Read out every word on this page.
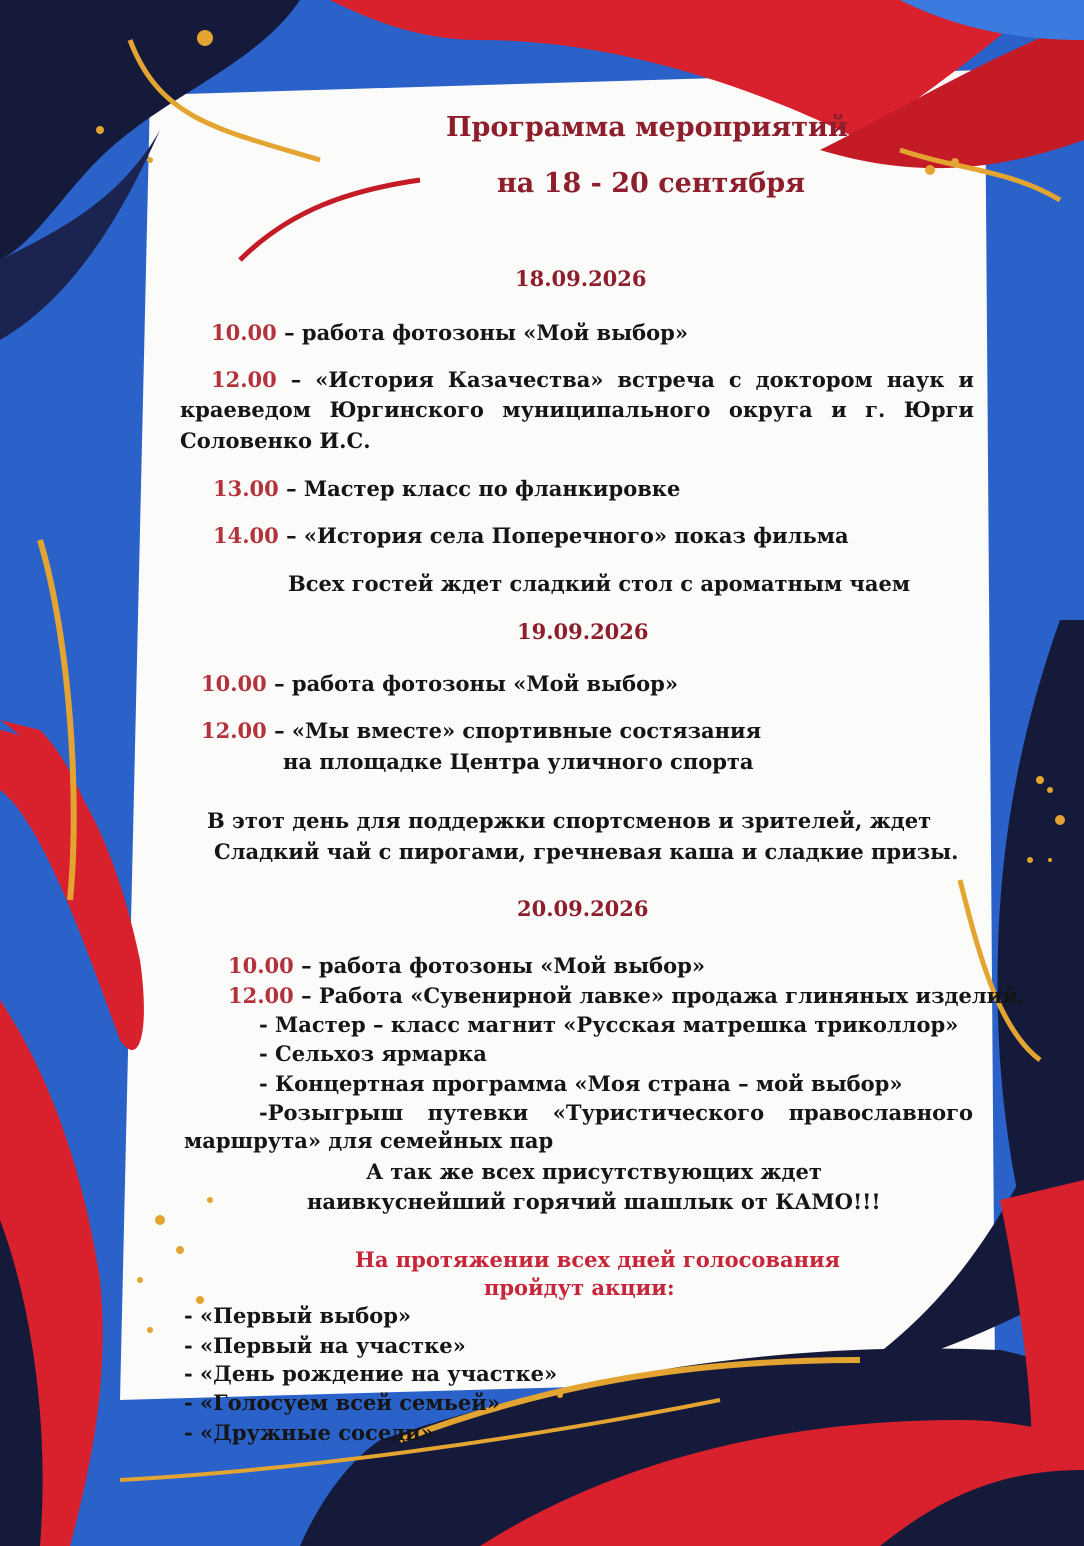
Программа мероприятий
на 18 - 20 сентября
18.09.2026
10.00 – работа фотозоны «Мой выбор»
12.00 – «История Казачества» встреча с доктором наук и
краеведом Юргинского муниципального округа и г. Юрги
Соловенко И.С.
13.00 – Мастер класс по фланкировке
14.00 – «История села Поперечного» показ фильма
Всех гостей ждет сладкий стол с ароматным чаем
19.09.2026
10.00 – работа фотозоны «Мой выбор»
12.00 – «Мы вместе» спортивные состязания
на площадке Центра уличного спорта
В этот день для поддержки спортсменов и зрителей, ждет
Сладкий чай с пирогами, гречневая каша и сладкие призы.
20.09.2026
10.00 – работа фотозоны «Мой выбор»
12.00 – Работа «Сувенирной лавке» продажа глиняных изделий.
- Мастер – класс магнит «Русская матрешка триколлор»
- Сельхоз ярмарка
- Концертная программа «Моя страна – мой выбор»
-Розыгрыш путевки «Туристического православного
маршрута» для семейных пар
А так же всех присутствующих ждет
наивкуснейший горячий шашлык от КАМО!!!
На протяжении всех дней голосования
пройдут акции:
- «Первый выбор»
- «Первый на участке»
- «День рождение на участке»
- «Голосуем всей семьей»
- «Дружные соседи»
